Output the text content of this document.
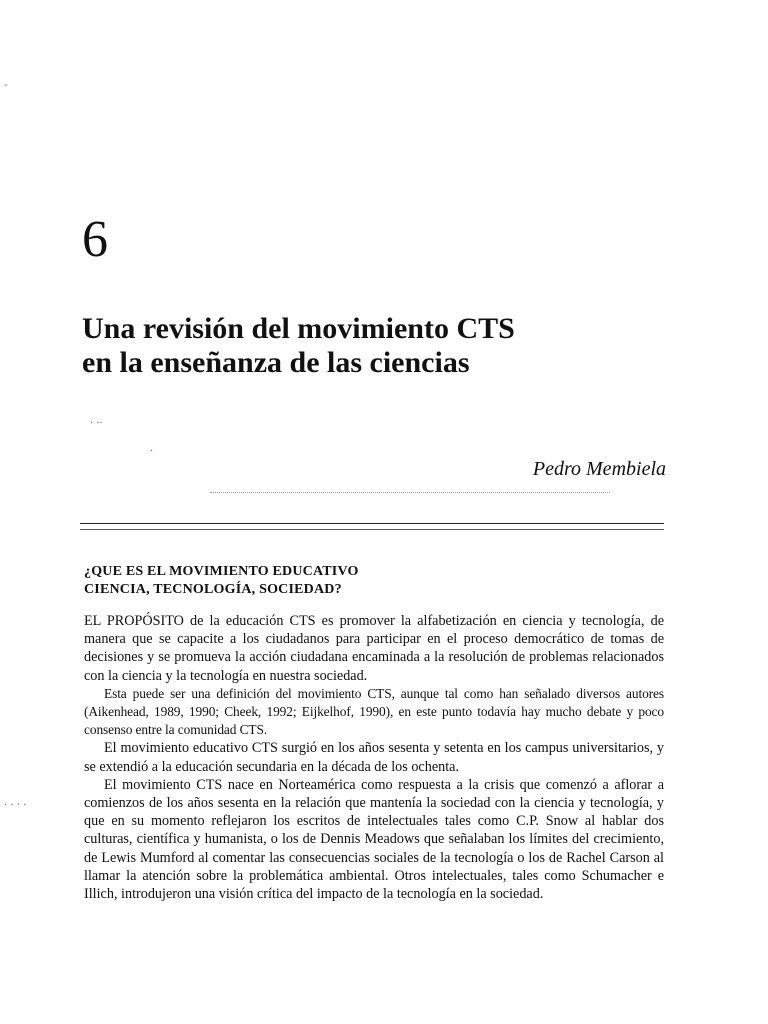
-
· ··
·
· · · ·
6
Una revisión del movimiento CTS
en la enseñanza de las ciencias
Pedro Membiela
¿QUE ES EL MOVIMIENTO EDUCATIVO
CIENCIA, TECNOLOGÍA, SOCIEDAD?

EL PROPÓSITO de la educación CTS es promover la alfabetización en ciencia y tecnología, de manera que se capacite a los ciudadanos para participar en el proceso democrático de tomas de decisiones y se promueva la acción ciudadana encaminada a la resolución de problemas relacionados con la ciencia y la tecnología en nuestra sociedad.

Esta puede ser una definición del movimiento CTS, aunque tal como han señalado diversos autores (Aikenhead, 1989, 1990; Cheek, 1992; Eijkelhof, 1990), en este punto todavía hay mucho debate y poco consenso entre la comunidad CTS.

El movimiento educativo CTS surgió en los años sesenta y setenta en los campus universitarios, y se extendió a la educación secundaria en la década de los ochenta.

El movimiento CTS nace en Norteamérica como respuesta a la crisis que comenzó a aflorar a comienzos de los años sesenta en la relación que mantenía la sociedad con la ciencia y tecnología, y que en su momento reflejaron los escritos de intelectuales tales como C.P. Snow al hablar dos culturas, científica y humanista, o los de Dennis Meadows que señalaban los límites del crecimiento, de Lewis Mumford al comentar las consecuencias sociales de la tecnología o los de Rachel Carson al llamar la atención sobre la problemática ambiental. Otros intelectuales, tales como Schumacher e Illich, introdujeron una visión crítica del impacto de la tecnología en la sociedad.
